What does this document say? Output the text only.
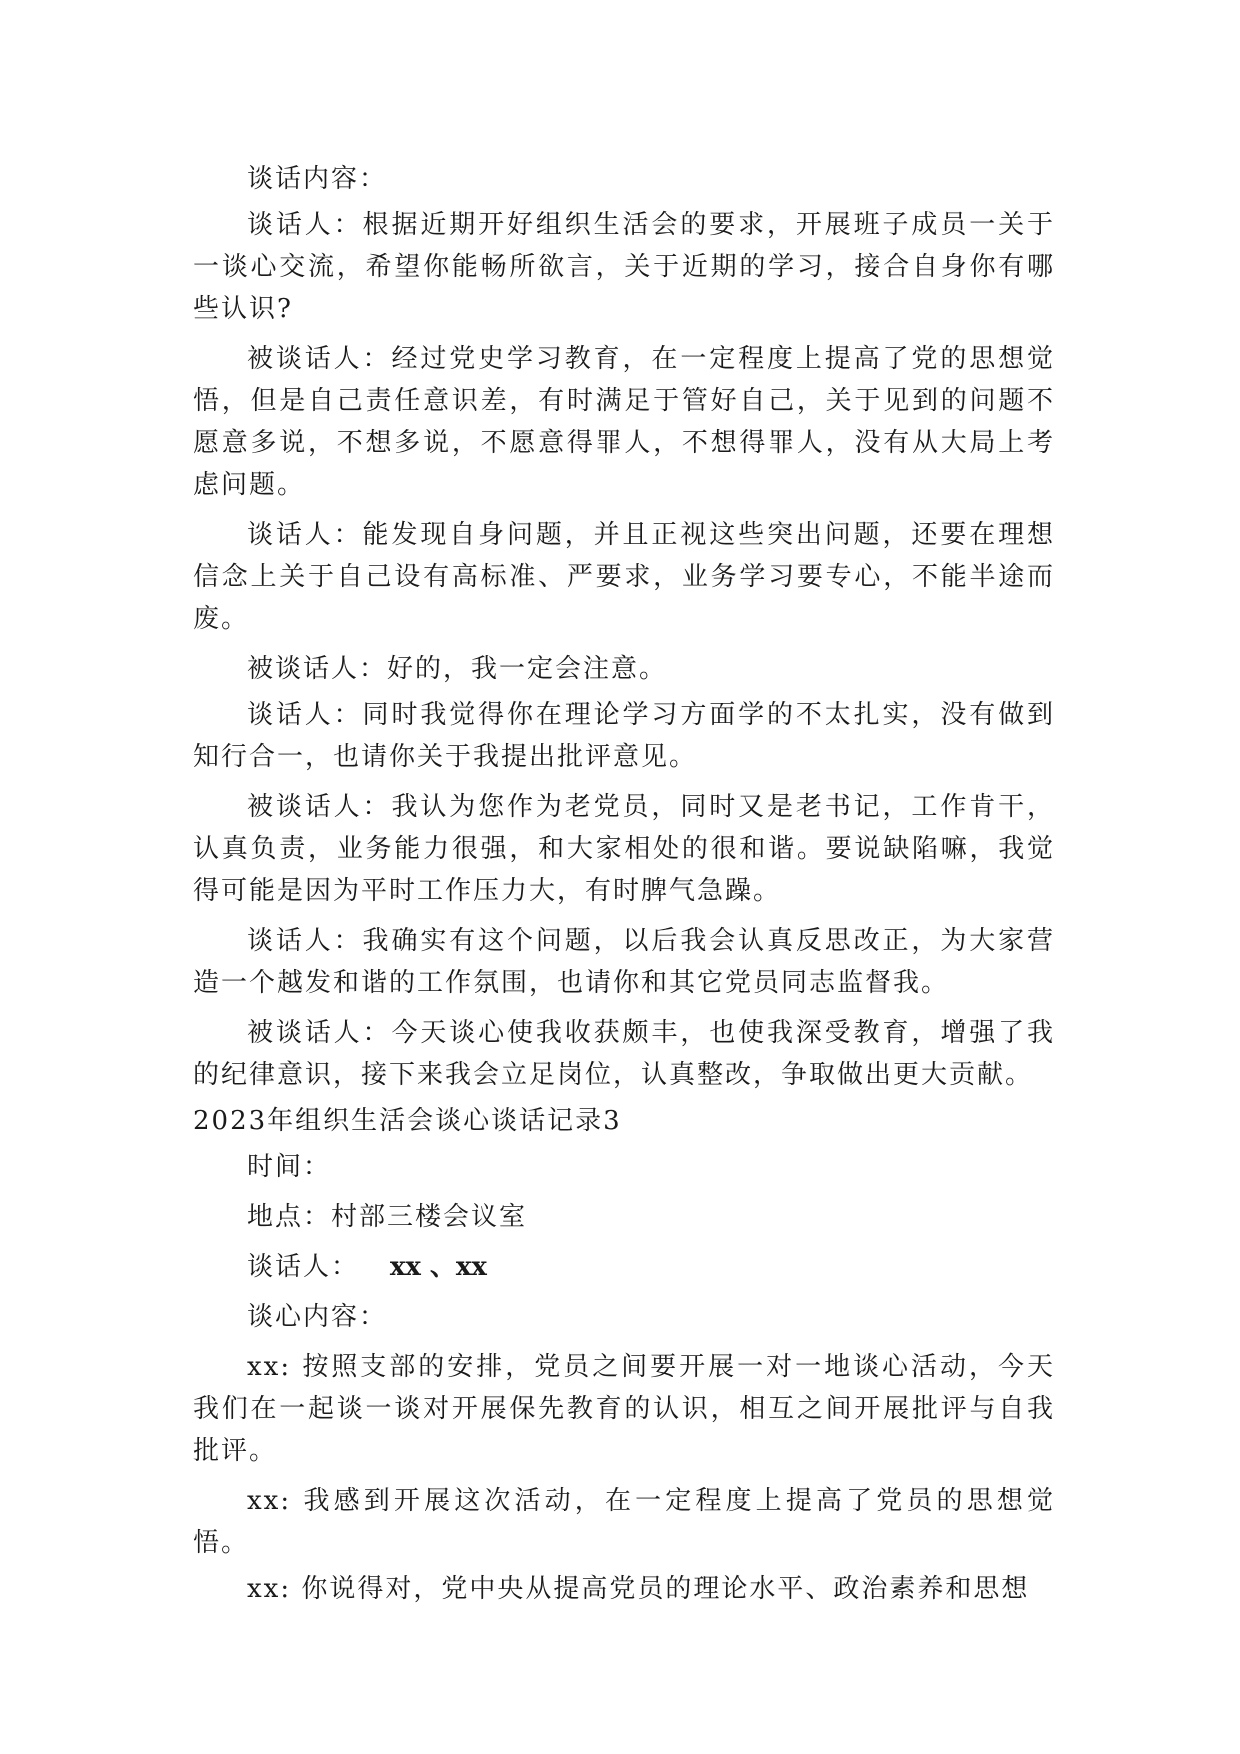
谈话内容：

谈话人：根据近期开好组织生活会的要求，开展班子成员一关于一谈心交流，希望你能畅所欲言，关于近期的学习，接合自身你有哪些认识?

被谈话人：经过党史学习教育，在一定程度上提高了党的思想觉悟，但是自己责任意识差，有时满足于管好自己，关于见到的问题不愿意多说，不想多说，不愿意得罪人，不想得罪人，没有从大局上考虑问题。

谈话人：能发现自身问题，并且正视这些突出问题，还要在理想信念上关于自己设有高标准、严要求，业务学习要专心，不能半途而废。

被谈话人：好的，我一定会注意。

谈话人：同时我觉得你在理论学习方面学的不太扎实，没有做到知行合一，也请你关于我提出批评意见。

被谈话人：我认为您作为老党员，同时又是老书记，工作肯干，认真负责，业务能力很强，和大家相处的很和谐。要说缺陷嘛，我觉得可能是因为平时工作压力大，有时脾气急躁。

谈话人：我确实有这个问题，以后我会认真反思改正，为大家营造一个越发和谐的工作氛围，也请你和其它党员同志监督我。

被谈话人：今天谈心使我收获颇丰，也使我深受教育，增强了我的纪律意识，接下来我会立足岗位，认真整改，争取做出更大贡献。

2023年组织生活会谈心谈话记录3

时间：

地点：村部三楼会议室

谈话人： xx 、xx

谈心内容：

xx: 按照支部的安排，党员之间要开展一对一地谈心活动，今天我们在一起谈一谈对开展保先教育的认识，相互之间开展批评与自我批评。

xx: 我感到开展这次活动，在一定程度上提高了党员的思想觉悟。

xx: 你说得对，党中央从提高党员的理论水平、政治素养和思想
